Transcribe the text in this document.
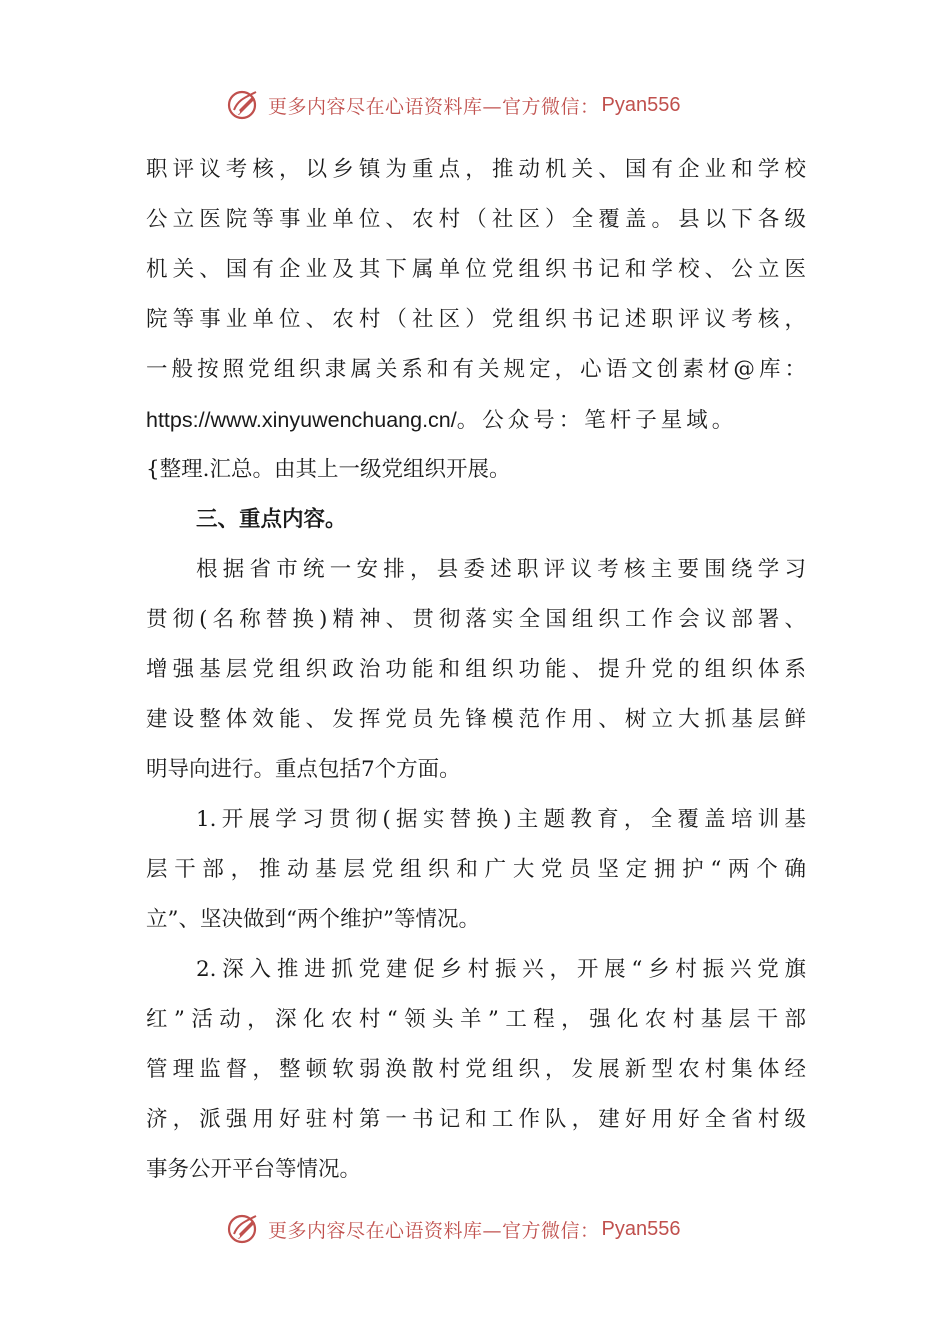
更多内容尽在心语资料库 —官方微信： Pyan556
职评议考核，以乡镇为重点，推动机关、国有企业和学校
公立医院等事业单位、农村（社区）全覆盖。县以下各级
机关、国有企业及其下属单位党组织书记和学校、公立医
院等事业单位、农村（社区）党组织书记述职评议考核，
一般按照党组织隶属关系和有关规定，心语文创素材@库：
https://www.xinyuwenchuang.cn/。公众号：笔杆子星域。
{整理.汇总。由其上一级党组织开展。
三、重点内容。
根据省市统一安排，县委述职评议考核主要围绕学习
贯彻(名称替换)精神、贯彻落实全国组织工作会议部署、
增强基层党组织政治功能和组织功能、提升党的组织体系
建设整体效能、发挥党员先锋模范作用、树立大抓基层鲜
明导向进行。重点包括7个方面。
1.开展学习贯彻(据实替换)主题教育，全覆盖培训基
层干部，推动基层党组织和广大党员坚定拥护“两个确
立”、坚决做到“两个维护”等情况。
2.深入推进抓党建促乡村振兴，开展“乡村振兴党旗
红”活动，深化农村“领头羊”工程，强化农村基层干部
管理监督，整顿软弱涣散村党组织，发展新型农村集体经
济，派强用好驻村第一书记和工作队，建好用好全省村级
事务公开平台等情况。
更多内容尽在心语资料库 —官方微信： Pyan556
